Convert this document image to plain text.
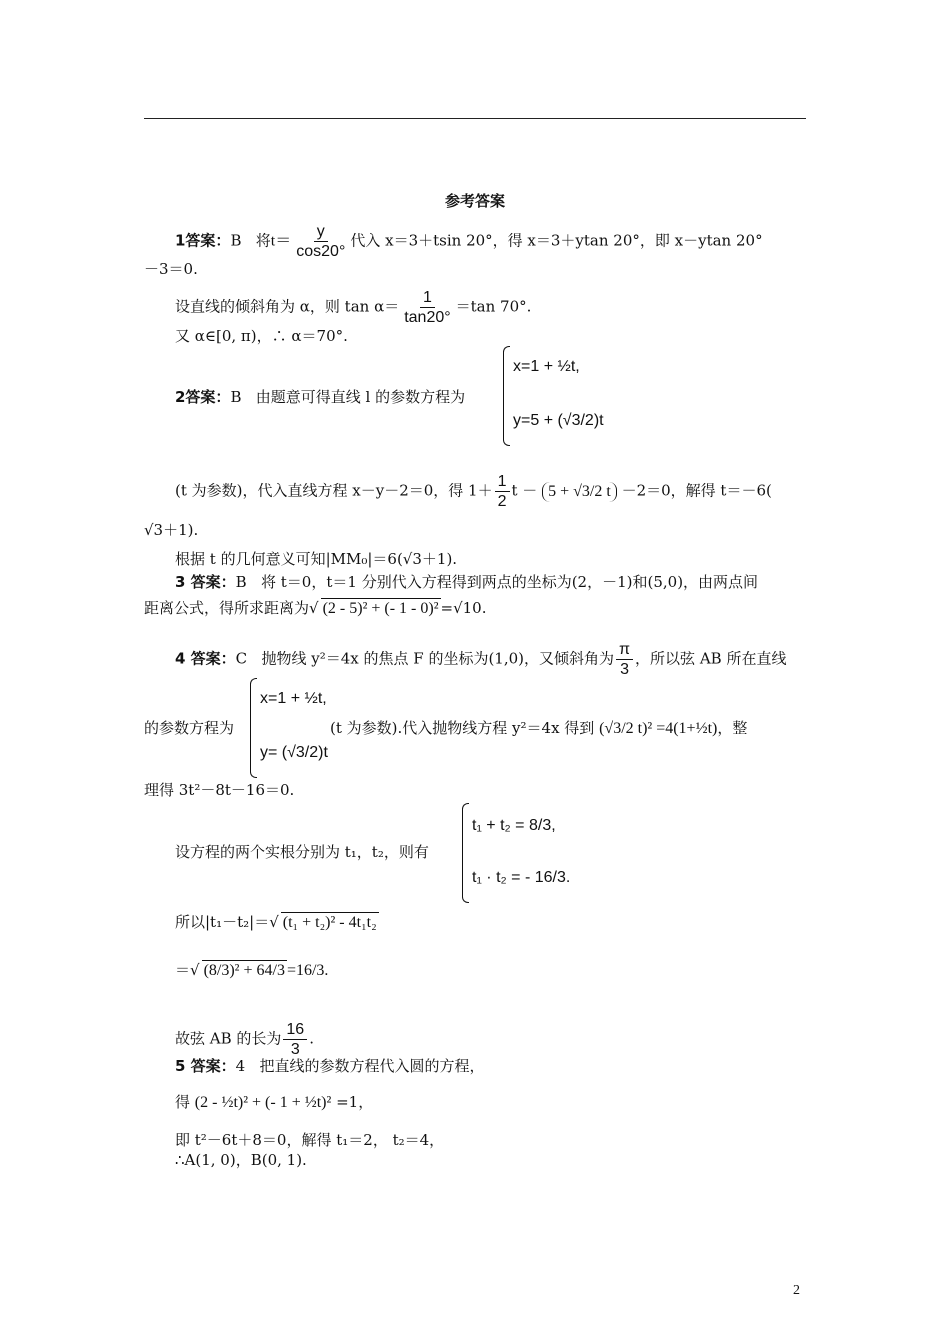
参考答案
1答案：B 将$t= \frac{y}{\cos 20^\circ}$ 代入 x＝3＋tsin 20°，得 x＝3＋ytan 20°，即 x－ytan 20°
－3＝0.
设直线的倾斜角为 α，则 $\tan \alpha= \frac{1}{\tan 20^\circ} =\tan$ 70°.
又 α∈[0, π)，∴ α＝70°.
2答案：B 由题意可得直线 l 的参数方程为
x=1 + ½t,
y=5 + (√3/2)t
(t 为参数)，代入直线方程 x－y－2＝0，得 $1+ \frac{1}{2}$ t － 5 + √3/2 t －2＝0，解得 t＝－6(
√3＋1).
根据 t 的几何意义可知|MM₀|＝6(√3＋1).
3 答案：B 将 t＝0，t＝1 分别代入方程得到两点的坐标为(2，－1)和(5,0)，由两点间
距离公式，得所求距离为√ (2 - 5)² + (- 1 - 0)² =√10.
4 答案：C 抛物线 y²＝4x 的焦点 F 的坐标为(1,0)，又倾斜角为 $\frac{\pi}{3}$ ，所以弦 AB 所在直线
的参数方程为
x=1 + ½t,
y= (√3/2)t
(t 为参数).代入抛物线方程 y²＝4x 得到 (√3/2 t)² =4(1+½t)，整
理得 3t²－8t－16＝0.
设方程的两个实根分别为 t₁，t₂，则有
t₁ + t₂ = 8/3,
t₁ · t₂ = - 16/3.
所以|t₁－t₂|＝√ (t₁ + t₂)² - 4t₁t₂
＝√ (8/3)² + 64/3 =16/3.
故弦 AB 的长为 $\frac{16}{3}$ .
5 答案：4 把直线的参数方程代入圆的方程，
得 (2 - ½t)² + (- 1 + ½t)² =1，
即 t²－6t＋8＝0，解得 t₁＝2， t₂＝4，
∴A(1, 0)，B(0, 1).
2
